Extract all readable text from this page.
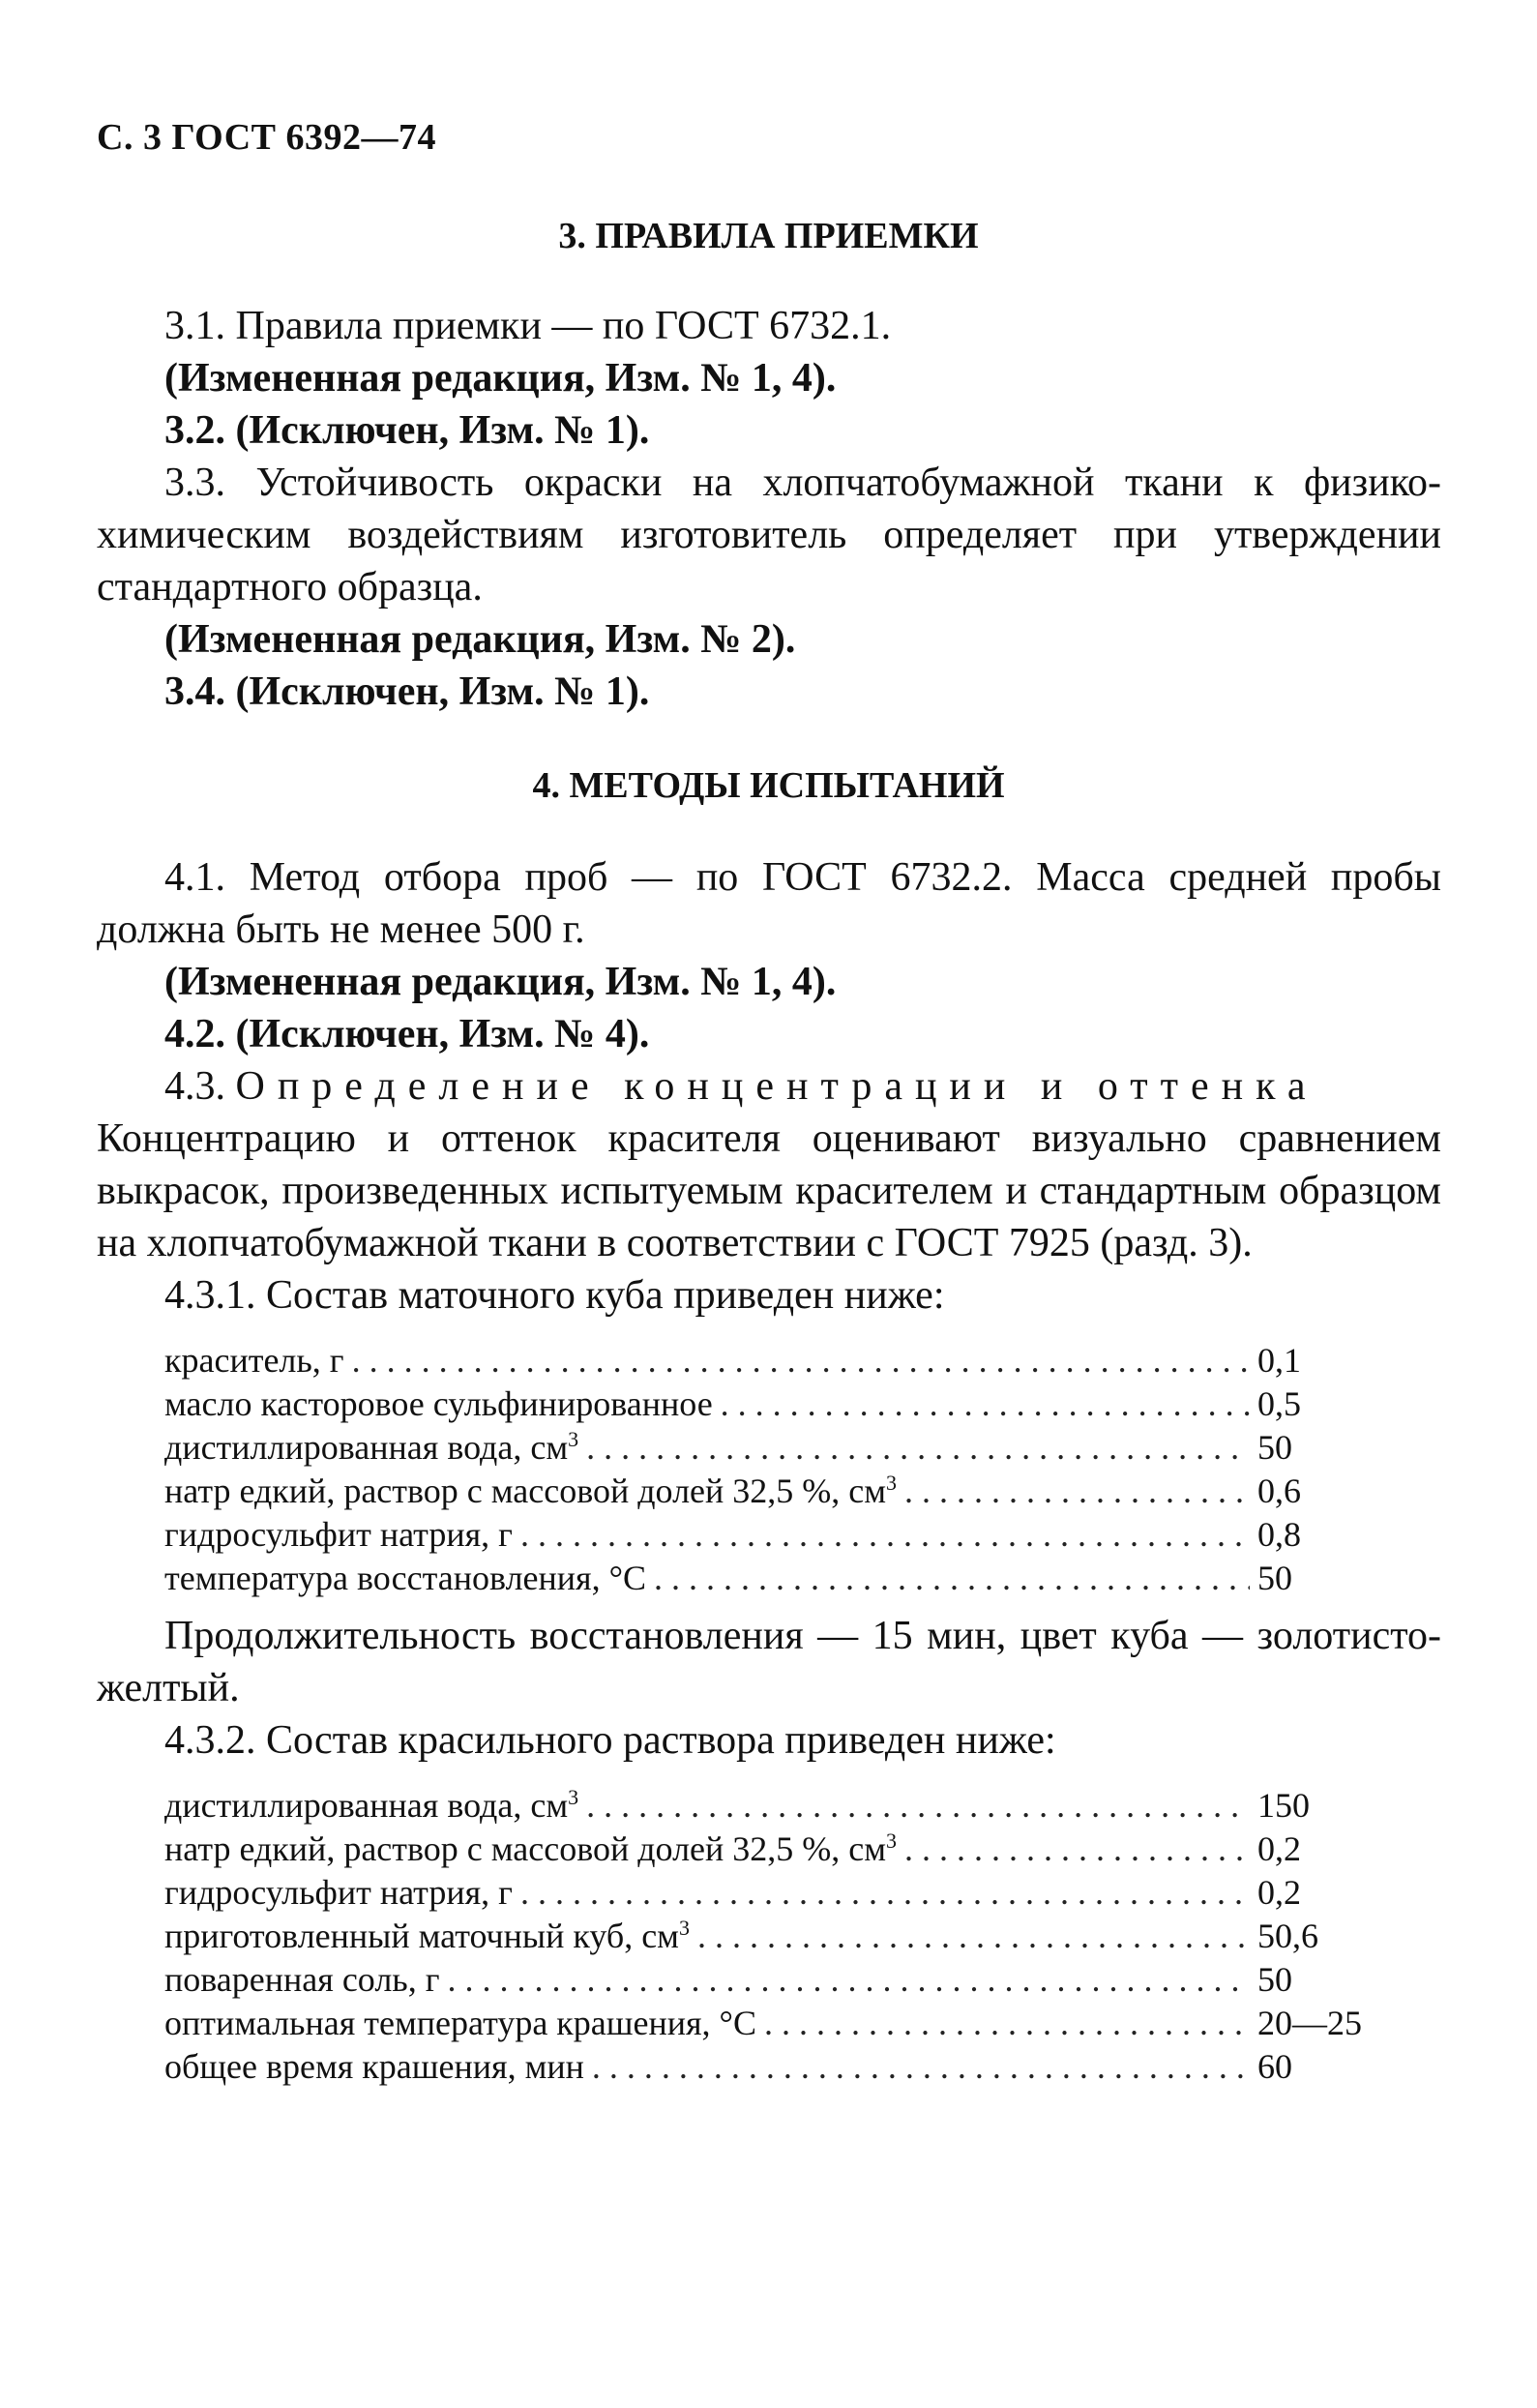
С. 3 ГОСТ 6392—74
3. ПРАВИЛА ПРИЕМКИ
3.1. Правила приемки — по ГОСТ 6732.1.
(Измененная редакция, Изм. № 1, 4).
3.2. (Исключен, Изм. № 1).
3.3. Устойчивость окраски на хлопчатобумажной ткани к физико-химическим воздействиям изготовитель определяет при утверждении стандартного образца.
(Измененная редакция, Изм. № 2).
3.4. (Исключен, Изм. № 1).
4. МЕТОДЫ ИСПЫТАНИЙ
4.1. Метод отбора проб — по ГОСТ 6732.2. Масса средней пробы должна быть не менее 500 г.
(Измененная редакция, Изм. № 1, 4).
4.2. (Исключен, Изм. № 4).
4.3. Определение концентрации и оттенка
Концентрацию и оттенок красителя оценивают визуально сравнением выкрасок, произведенных испытуемым красителем и стандартным образцом на хлопчатобумажной ткани в соответствии с ГОСТ 7925 (разд. 3).
4.3.1. Состав маточного куба приведен ниже:
краситель, г . . .	0,1
масло касторовое сульфинированное . . .	0,5
дистиллированная вода, $см^3$ . . .	50
натр едкий, раствор с массовой долей 32,5 %, $см^3$ . . .	0,6
гидросульфит натрия, г . . .	0,8
температура восстановления, °С . . .	50
Продолжительность восстановления — 15 мин, цвет куба — золотисто-желтый.
4.3.2. Состав красильного раствора приведен ниже:
дистиллированная вода, $см^3$ . . .	150
натр едкий, раствор с массовой долей 32,5 %, $см^3$ . . .	0,2
гидросульфит натрия, г . . .	0,2
приготовленный маточный куб, $см^3$ . . .	50,6
поваренная соль, г . . .	50
оптимальная температура крашения, °С . . .	20—25
общее время крашения, мин . . .	60
